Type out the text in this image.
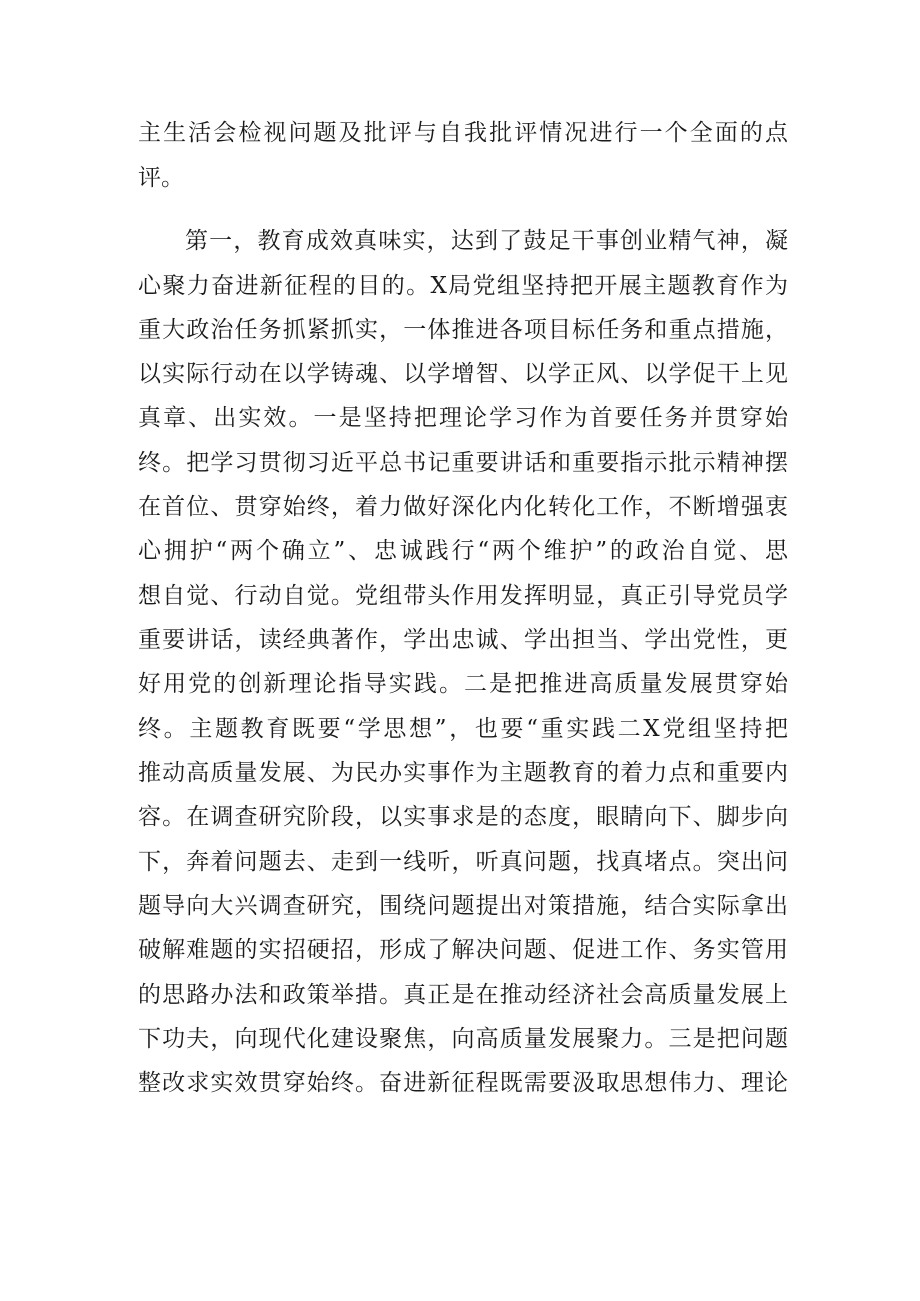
主生活会检视问题及批评与自我批评情况进行一个全面的点
评。
第一，教育成效真味实，达到了鼓足干事创业精气神，凝
心聚力奋进新征程的目的。X局党组坚持把开展主题教育作为
重大政治任务抓紧抓实，一体推进各项目标任务和重点措施，
以实际行动在以学铸魂、以学增智、以学正风、以学促干上见
真章、出实效。一是坚持把理论学习作为首要任务并贯穿始
终。把学习贯彻习近平总书记重要讲话和重要指示批示精神摆
在首位、贯穿始终，着力做好深化内化转化工作，不断增强衷
心拥护“两个确立”、忠诚践行“两个维护”的政治自觉、思
想自觉、行动自觉。党组带头作用发挥明显，真正引导党员学
重要讲话，读经典著作，学出忠诚、学出担当、学出党性，更
好用党的创新理论指导实践。二是把推进高质量发展贯穿始
终。主题教育既要“学思想”，也要“重实践二X党组坚持把
推动高质量发展、为民办实事作为主题教育的着力点和重要内
容。在调查研究阶段，以实事求是的态度，眼睛向下、脚步向
下，奔着问题去、走到一线听，听真问题，找真堵点。突出问
题导向大兴调查研究，围绕问题提出对策措施，结合实际拿出
破解难题的实招硬招，形成了解决问题、促进工作、务实管用
的思路办法和政策举措。真正是在推动经济社会高质量发展上
下功夫，向现代化建设聚焦，向高质量发展聚力。三是把问题
整改求实效贯穿始终。奋进新征程既需要汲取思想伟力、理论
